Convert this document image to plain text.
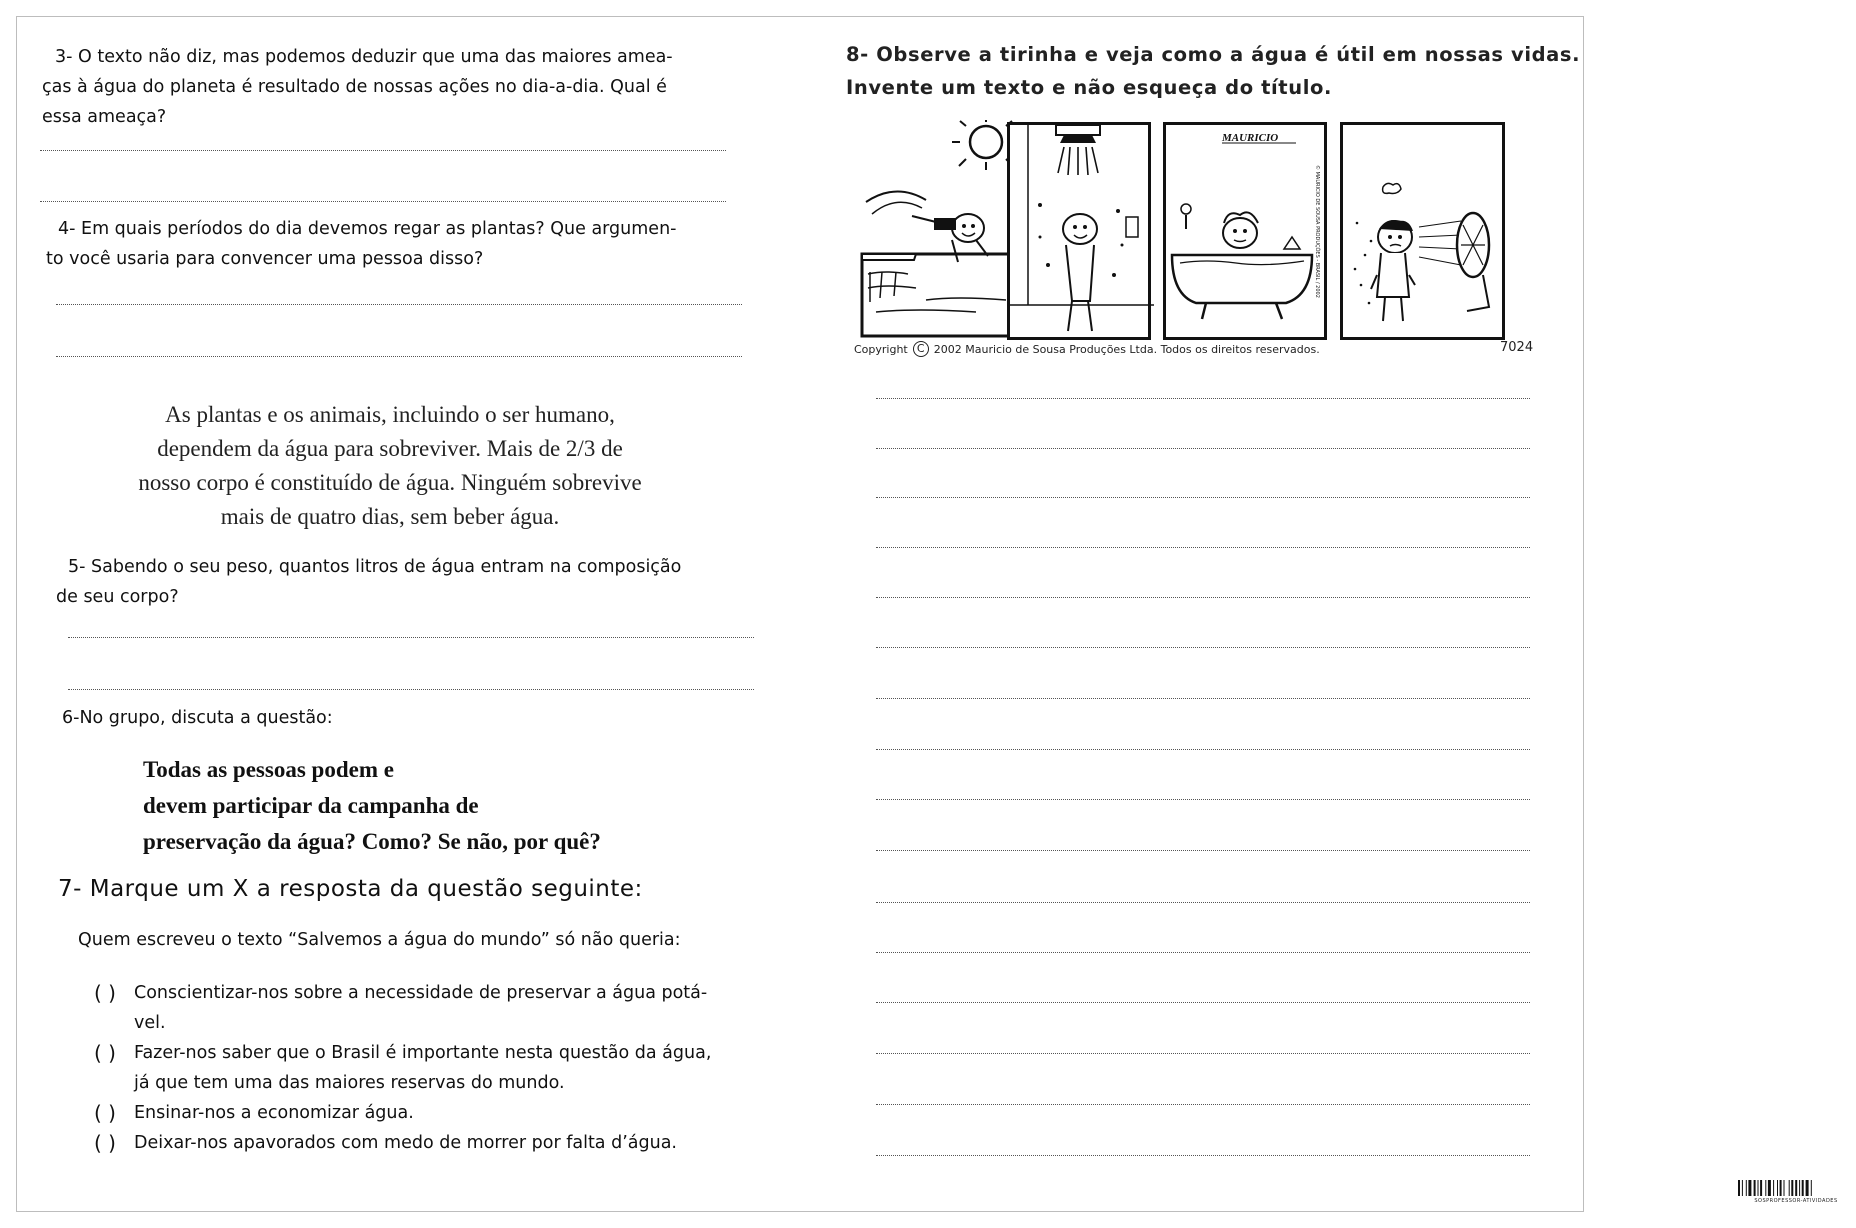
3- O texto não diz, mas podemos deduzir que uma das maiores amea-
ças à água do planeta é resultado de nossas ações no dia-a-dia. Qual é
essa ameaça?
4- Em quais períodos do dia devemos regar as plantas? Que argumen-
to você usaria para convencer uma pessoa disso?
As plantas e os animais, incluindo o ser humano,
dependem da água para sobreviver. Mais de 2/3 de
nosso corpo é constituído de água. Ninguém sobrevive
mais de quatro dias, sem beber água.
5- Sabendo o seu peso, quantos litros de água entram na composição
de seu corpo?
6-No grupo, discuta a questão:
Todas as pessoas podem e
devem participar da campanha de
preservação da água? Como? Se não, por quê?
7- Marque um X a resposta da questão seguinte:
Quem escreveu o texto “Salvemos a água do mundo” só não queria:
( )	Conscientizar-nos sobre a necessidade de preservar a água potá-
vel.
( )	Fazer-nos saber que o Brasil é importante nesta questão da água,
já que tem uma das maiores reservas do mundo.
( )	Ensinar-nos a economizar água.
( )	Deixar-nos apavorados com medo de morrer por falta d’água.
8- Observe a tirinha e veja como a água é útil em nossas vidas.
Invente um texto e não esqueça do título.
MAURICIO
© MAURICIO DE SOUSA PRODUÇÕES - BRASIL / 2002
Copyright C 2002 Mauricio de Sousa Produções Ltda. Todos os direitos reservados.	7024
SOSPROFESSOR-ATIVIDADES
